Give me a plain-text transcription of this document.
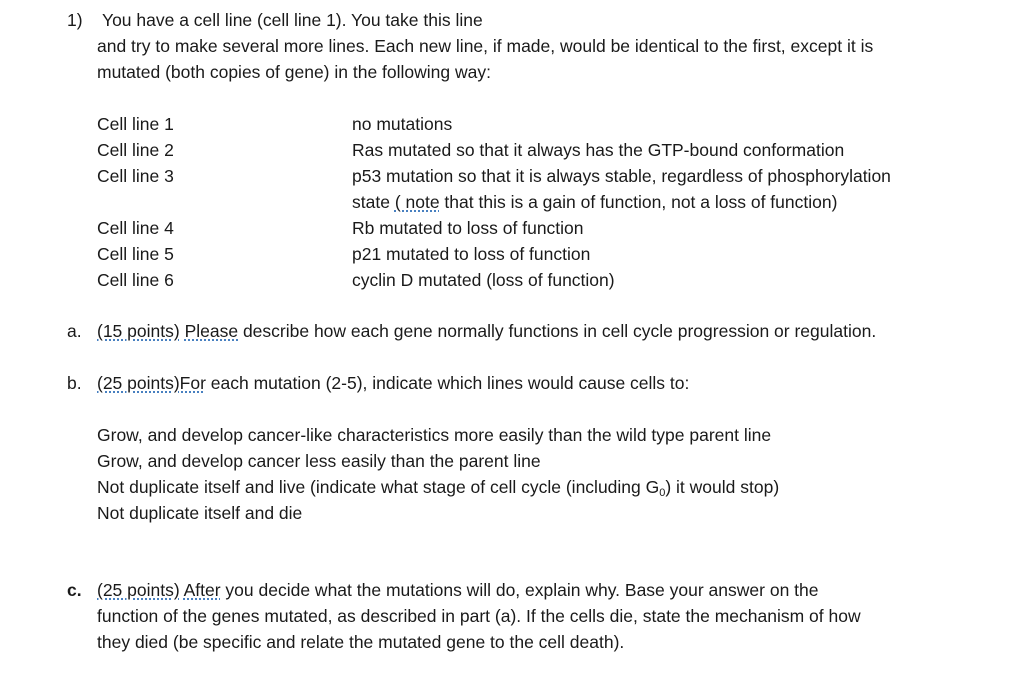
1) You have a cell line (cell line 1). You take this line
and try to make several more lines. Each new line, if made, would be identical to the first, except it is
mutated (both copies of gene) in the following way:
Cell line 1	no mutations
Cell line 2	Ras mutated so that it always has the GTP-bound conformation
Cell line 3	p53 mutation so that it is always stable, regardless of phosphorylation
state ( note that this is a gain of function, not a loss of function)
Cell line 4	Rb mutated to loss of function
Cell line 5	p21 mutated to loss of function
Cell line 6	cyclin D mutated (loss of function)
a. (15 points) Please describe how each gene normally functions in cell cycle progression or regulation.
b. (25 points)For each mutation (2-5), indicate which lines would cause cells to:
Grow, and develop cancer-like characteristics more easily than the wild type parent line
Grow, and develop cancer less easily than the parent line
Not duplicate itself and live (indicate what stage of cell cycle (including $G_0$) it would stop)
Not duplicate itself and die
c. (25 points) After you decide what the mutations will do, explain why. Base your answer on the
function of the genes mutated, as described in part (a). If the cells die, state the mechanism of how
they died (be specific and relate the mutated gene to the cell death).
